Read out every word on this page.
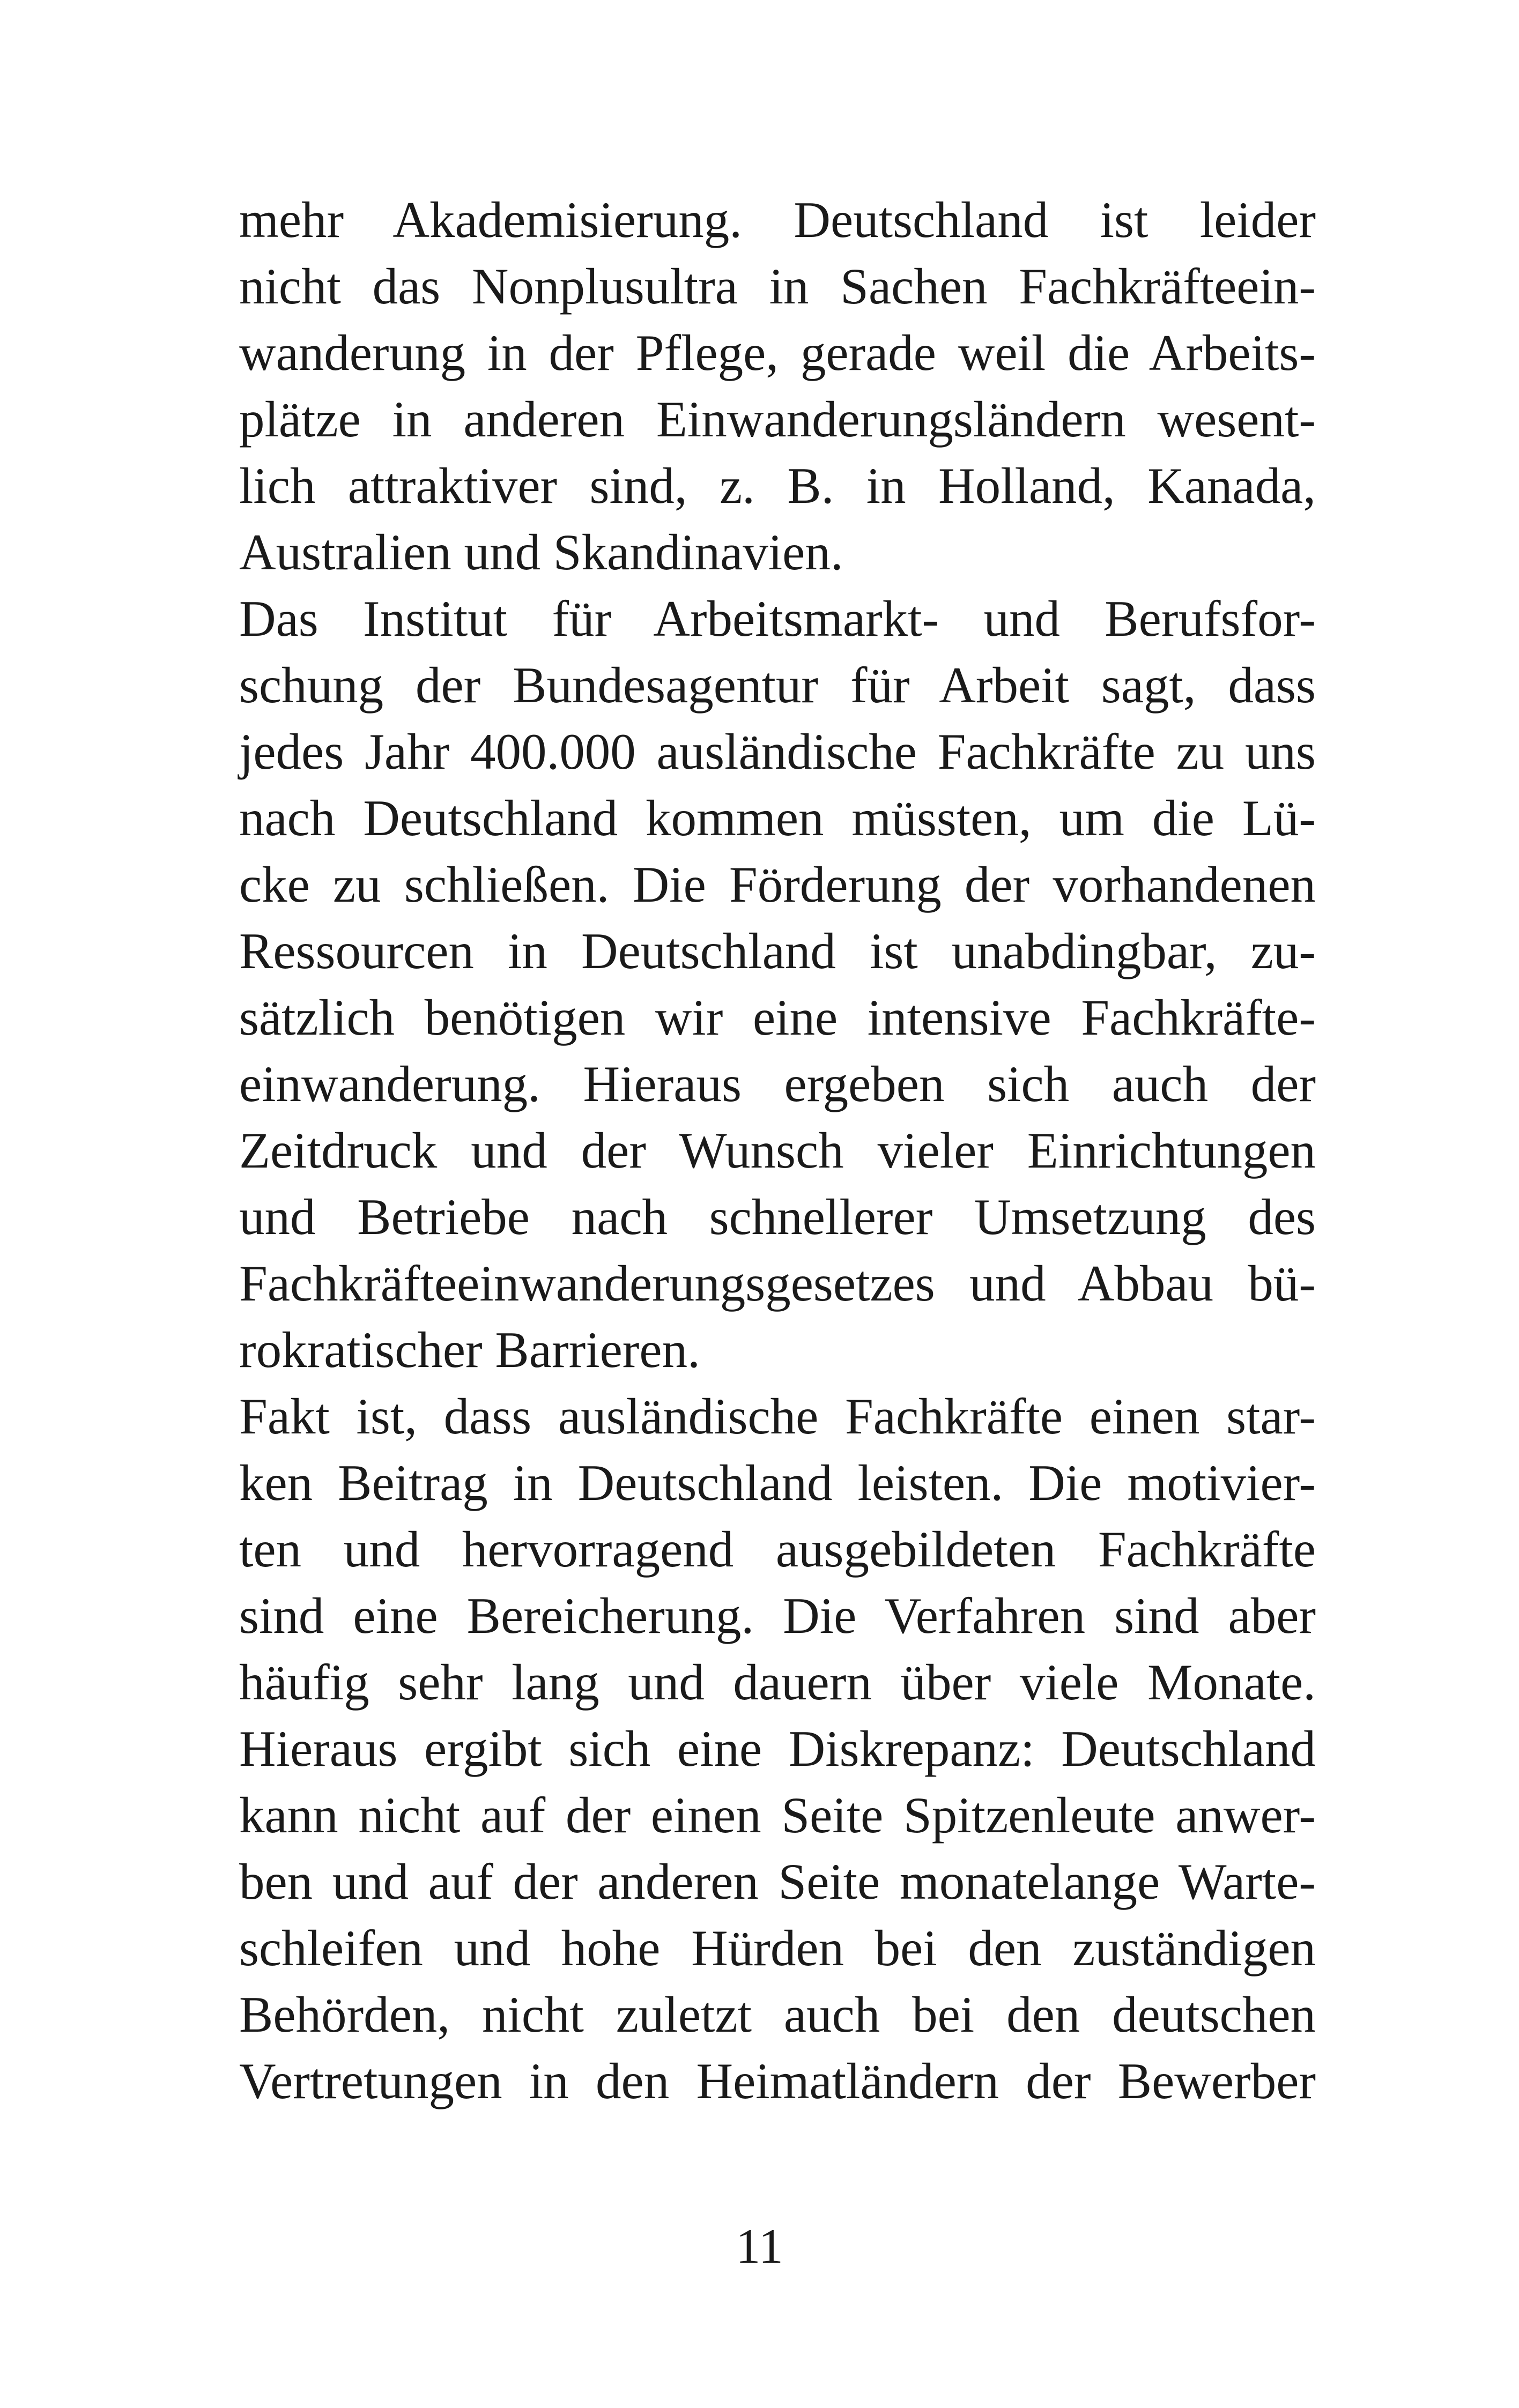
mehr Akademisierung. Deutschland ist leider
nicht das Nonplusultra in Sachen Fachkräfteein-
wanderung in der Pflege, gerade weil die Arbeits-
plätze in anderen Einwanderungsländern wesent-
lich attraktiver sind, z. B. in Holland, Kanada,
Australien und Skandinavien.
Das Institut für Arbeitsmarkt- und Berufsfor-
schung der Bundesagentur für Arbeit sagt, dass
jedes Jahr 400.000 ausländische Fachkräfte zu uns
nach Deutschland kommen müssten, um die Lü-
cke zu schließen. Die Förderung der vorhandenen
Ressourcen in Deutschland ist unabdingbar, zu-
sätzlich benötigen wir eine intensive Fachkräfte-
einwanderung. Hieraus ergeben sich auch der
Zeitdruck und der Wunsch vieler Einrichtungen
und Betriebe nach schnellerer Umsetzung des
Fachkräfteeinwanderungsgesetzes und Abbau bü-
rokratischer Barrieren.
Fakt ist, dass ausländische Fachkräfte einen star-
ken Beitrag in Deutschland leisten. Die motivier-
ten und hervorragend ausgebildeten Fachkräfte
sind eine Bereicherung. Die Verfahren sind aber
häufig sehr lang und dauern über viele Monate.
Hieraus ergibt sich eine Diskrepanz: Deutschland
kann nicht auf der einen Seite Spitzenleute anwer-
ben und auf der anderen Seite monatelange Warte-
schleifen und hohe Hürden bei den zuständigen
Behörden, nicht zuletzt auch bei den deutschen
Vertretungen in den Heimatländern der Bewerber
11
